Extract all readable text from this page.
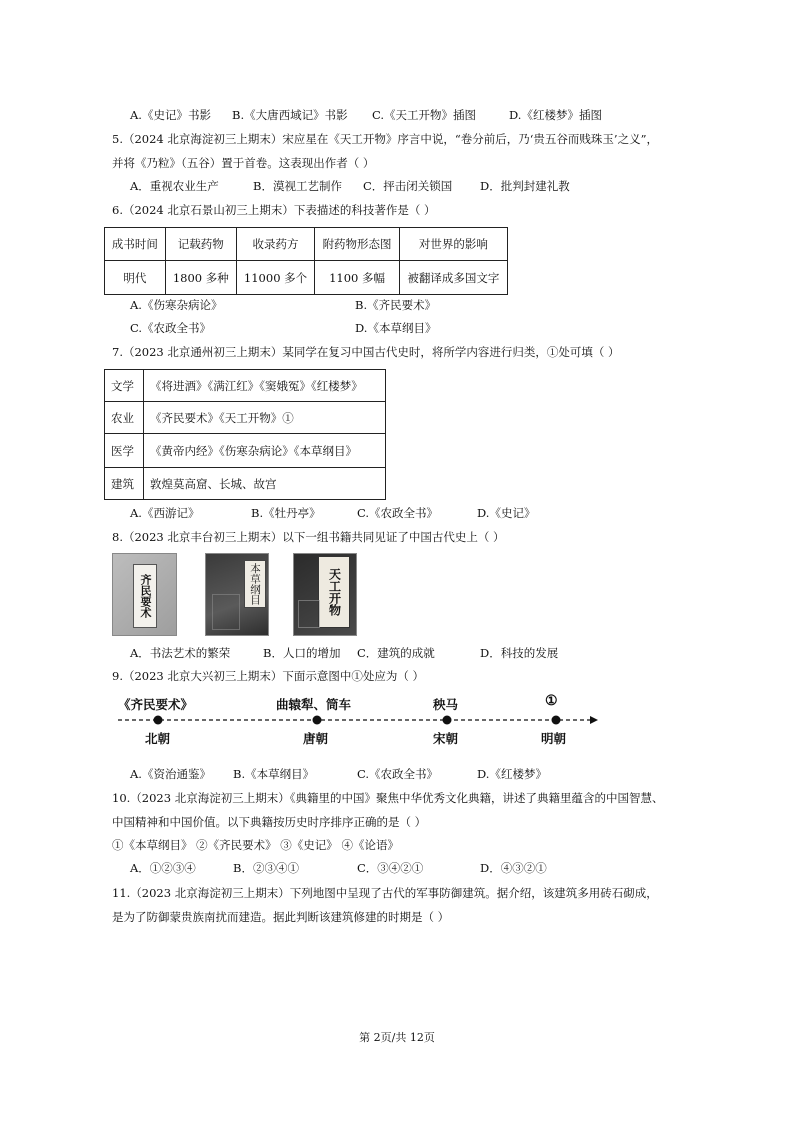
A.《史记》书影 B.《大唐西域记》书影 C.《天工开物》插图	D.《红楼梦》插图
5.（2024 北京海淀初三上期末）宋应星在《天工开物》序言中说，“卷分前后，乃‘贵五谷而贱珠玉’之义”，
并将《乃粒》（五谷）置于首卷。这表现出作者（ ）
A．重视农业生产	B．漠视工艺制作 C．抨击闭关锁国 D．批判封建礼教
6.（2024 北京石景山初三上期末）下表描述的科技著作是（ ）
成书时间	记载药物	收录药方	附药物形态图	对世界的影响
明代	1800 多种	11000 多个	1100 多幅	被翻译成多国文字
A.《伤寒杂病论》	B.《齐民要术》
C.《农政全书》	D.《本草纲目》
7.（2023 北京通州初三上期末）某同学在复习中国古代史时，将所学内容进行归类，①处可填（ ）
文学	《将进酒》《满江红》《窦娥冤》《红楼梦》
农业	《齐民要术》《天工开物》①
医学	《黄帝内经》《伤寒杂病论》《本草纲目》
建筑	敦煌莫高窟、长城、故宫
A.《西游记》	B.《牡丹亭》	C.《农政全书》	D.《史记》
8.（2023 北京丰台初三上期末）以下一组书籍共同见证了中国古代史上（ ）
齐民要术	本草纲目	天工开物
A．书法艺术的繁荣	B．人口的增加 C．建筑的成就	D．科技的发展
9.（2023 北京大兴初三上期末）下面示意图中①处应为（ ）
《齐民要术》	曲辕犁、筒车	秧马	①
北朝	唐朝	宋朝	明朝
A.《资治通鉴》 B.《本草纲目》	C.《农政全书》	D.《红楼梦》
10.（2023 北京海淀初三上期末）《典籍里的中国》聚焦中华优秀文化典籍，讲述了典籍里蕴含的中国智慧、
中国精神和中国价值。以下典籍按历史时序排序正确的是（ ）
①《本草纲目》 ②《齐民要术》 ③《史记》 ④《论语》
A．①②③④	B．②③④①	C．③④②①	D．④③②①
11.（2023 北京海淀初三上期末）下列地图中呈现了古代的军事防御建筑。据介绍，该建筑多用砖石砌成，
是为了防御蒙贵族南扰而建造。据此判断该建筑修建的时期是（ ）
第 2页/共 12页
